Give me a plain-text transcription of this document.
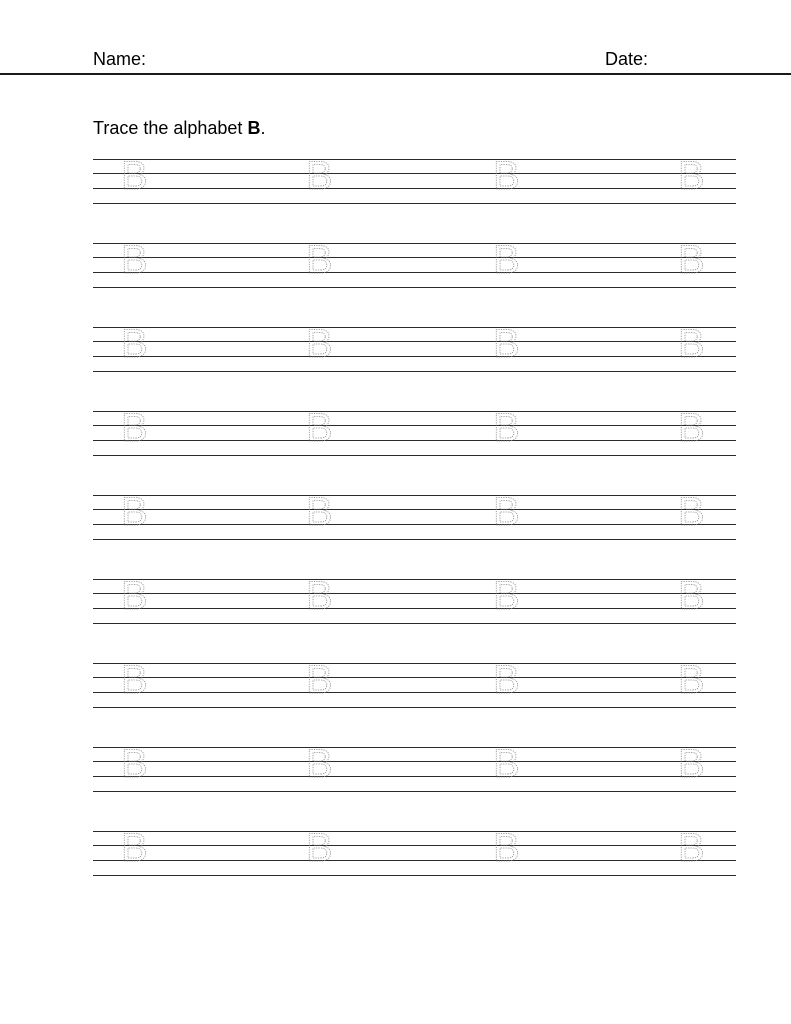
Name:	Date:
Trace the alphabet B.
B	B	B	B
B	B	B	B
B	B	B	B
B	B	B	B
B	B	B	B
B	B	B	B
B	B	B	B
B	B	B	B
B	B	B	B
